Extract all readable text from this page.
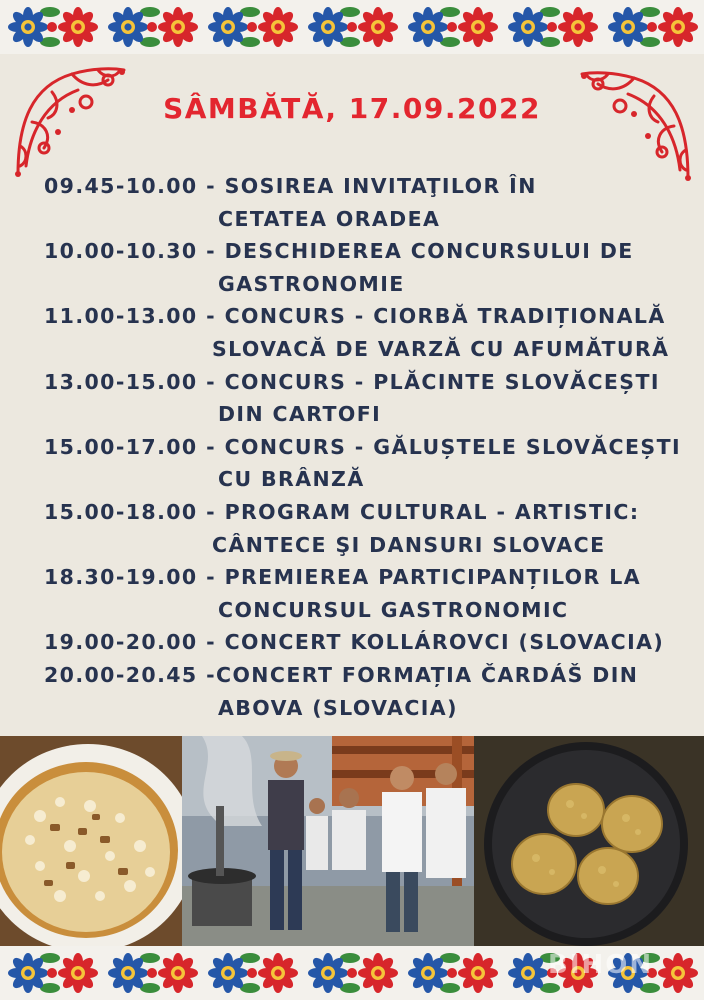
SÂMBĂTĂ, 17.09.2022
09.45-10.00 - SOSIREA INVITAŢILOR ÎN
CETATEA ORADEA
10.00-10.30 - DESCHIDEREA CONCURSULUI DE
GASTRONOMIE
11.00-13.00 - CONCURS - CIORBĂ TRADIȚIONALĂ
SLOVACĂ DE VARZĂ CU AFUMĂTURĂ
13.00-15.00 - CONCURS - PLĂCINTE SLOVĂCEȘTI
DIN CARTOFI
15.00-17.00 - CONCURS - GĂLUȘTELE SLOVĂCEȘTI
CU BRÂNZĂ
15.00-18.00 - PROGRAM CULTURAL - ARTISTIC:
CÂNTECE ŞI DANSURI SLOVACE
18.30-19.00 - PREMIEREA PARTICIPANȚILOR LA
CONCURSUL GASTRONOMIC
19.00-20.00 - CONCERT KOLLÁROVCI (SLOVACIA)
20.00-20.45 -CONCERT FORMAȚIA ČARDÁŠ DIN
ABOVA (SLOVACIA)
BIHON
